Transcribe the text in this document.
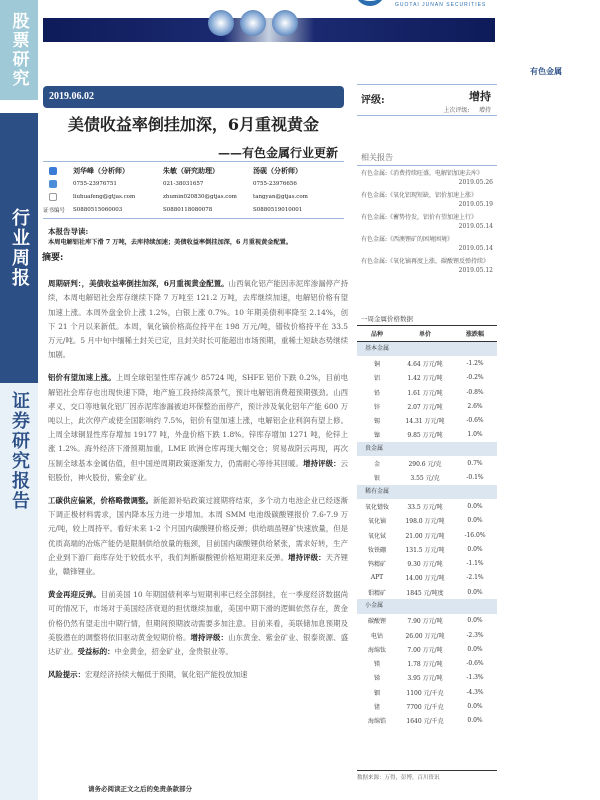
股票研究
行业周报
证券研究报告
GUOTAI JUNAN SECURITIES
有色金属
2019.06.02
美债收益率倒挂加深，6月重视黄金
——有色金属行业更新
刘华峰（分析师）	朱敏（研究助理）	汤砚（分析师）
0755-23976751	021-38031657	0755-23976656
liuhuafeng@gtjas.com	zhumin020830@gtjas.com	tangyan@gtjas.com
证书编号	S0880515060003	S0880118080078	S0880519010001
评级:	增持
上次评级: 增持
相关报告
有色金属:《消费持续旺盛，电解铝加速去库》
2019.05.26
有色金属:《氧化铝现短缺，铝价加速上涨》
2019.05.19
有色金属:《蓄势待发，铝价有望加速上行》
2019.05.14
有色金属:《西澳锂矿的困境困境》
2019.05.14
有色金属:《氧化镝再度上涨，碳酸锂反弹持续》
2019.05.12
一周金属价格数据
品种	单价	涨跌幅
基本金属
铜	4.64 万元/吨	-1.2%
铝	1.42 万元/吨	-0.2%
铅	1.61 万元/吨	-0.8%
锌	2.07 万元/吨	2.6%
锡	14.31 万元/吨	-0.6%
镍	9.85 万元/吨	1.0%
贵金属
金	290.6 元/克	0.7%
银	3.55 元/克	-0.1%
稀有金属
氧化镨钕	33.5 万元/吨	0.0%
氧化镝	198.0 万元/吨	0.0%
氧化铽	21.00 万元/吨	-16.0%
钕铁硼	131.5 万元/吨	0.0%
钨精矿	9.30 万元/吨	-1.1%
APT	14.00 万元/吨	-2.1%
钼精矿	1845 元/吨度	0.0%
小金属
碳酸锂	7.90 万元/吨	0.0%
电钴	26.00 万元/吨	-2.3%
海绵钛	7.00 万元/吨	0.0%
镁	1.78 万元/吨	-0.6%
锑	3.95 万元/吨	-1.3%
铟	1100 元/千克	-4.3%
锗	7700 元/千克	0.0%
海绵锆	1640 元/千克	0.0%
数据来源：万得，彭博，百川资讯
本报告导读:
本周电解铝社库下滑 7 万吨，去库持续加速；美债收益率倒挂加深，6 月重视黄金配置。
摘要:

周期研判：，美债收益率倒挂加深，6月重视黄金配置。山西氧化铝产能因赤泥库渗漏停产持续，本周电解铝社会库存继续下降 7 万吨至 121.2 万吨，去库继续加速，电解铝价格有望加速上涨。本周外盘金价上涨 1.2%，白银上涨 0.7%。10 年期美债利率降至 2.14%，创下 21 个月以来新低。本周，氧化镝价格高位持平在 198 万元/吨，镨钕价格持平在 33.5 万元/吨。5 月中旬中缅稀土封关已定，且封关时长可能超出市场预期，重稀土短缺态势继续加剧。

铝价有望加速上涨。上周全球铝显性库存减少 85724 吨，SHFE 铝价下跌 0.2%，目前电解铝社会库存也出现快速下降，地产施工段持续高景气，预计电解铝消费超预期强劲。山西孝义、交口等地氧化铝厂因赤泥库渗漏被迫环保整治而停产，预计涉及氧化铝年产能 600 万吨以上，此次停产或使全国影响约 7.5%，铝价有望加速上涨，电解铝企业利润有望上修。上周全球铜显性库存增加 19177 吨，外盘价格下跌 1.8%。锌库存增加 1271 吨，伦锌上涨 1.2%。海外经济下滑预期加重，LME 欧洲仓库再现大幅交仓；贸易战阴云再现，再次压制全球基本金属估值，但中国逆周期政策逐渐发力，仍需耐心等待其回暖。增持评级：云铝股份，神火股份，紫金矿业。

工碳供应偏紧，价格略微调整。新能源补贴政策过渡期将结束，多个动力电池企业已经逐渐下调正极材料需求，国内降本压力进一步增加。本周 SMM 电池级碳酸锂报价 7.6-7.9 万元/吨，较上周持平。看好未来 1-2 个月国内碳酸锂价格反弹；供给端虽锂矿快速放量，但是优质高端的冶炼产能仍是限制供给放量的瓶颈，目前国内碳酸锂供给紧张，需求好转，生产企业到下游厂商库存处于较低水平，我们判断碳酸锂价格短期迎来反弹。增持评级：天齐锂业，赣锋锂业。

黄金再迎反弹。目前美国 10 年期国债利率与短期利率已经全部倒挂，在一季度经济数据尚可的情况下，市场对于美国经济衰退的担忧继续加重，美国中期下滑的逻辑依然存在，黄金价格仍然有望走出中期行情，但期间预期波动需要多加注意。目前来看，美联储加息预期及美股潜在的调整将依旧驱动黄金短期价格。增持评级：山东黄金、紫金矿业、银泰资源、盛达矿业。受益标的：中金黄金，招金矿业，金贵银业等。

风险提示：宏观经济持续大幅低于预期，氧化铝产能投放加速

请务必阅读正文之后的免责条款部分
